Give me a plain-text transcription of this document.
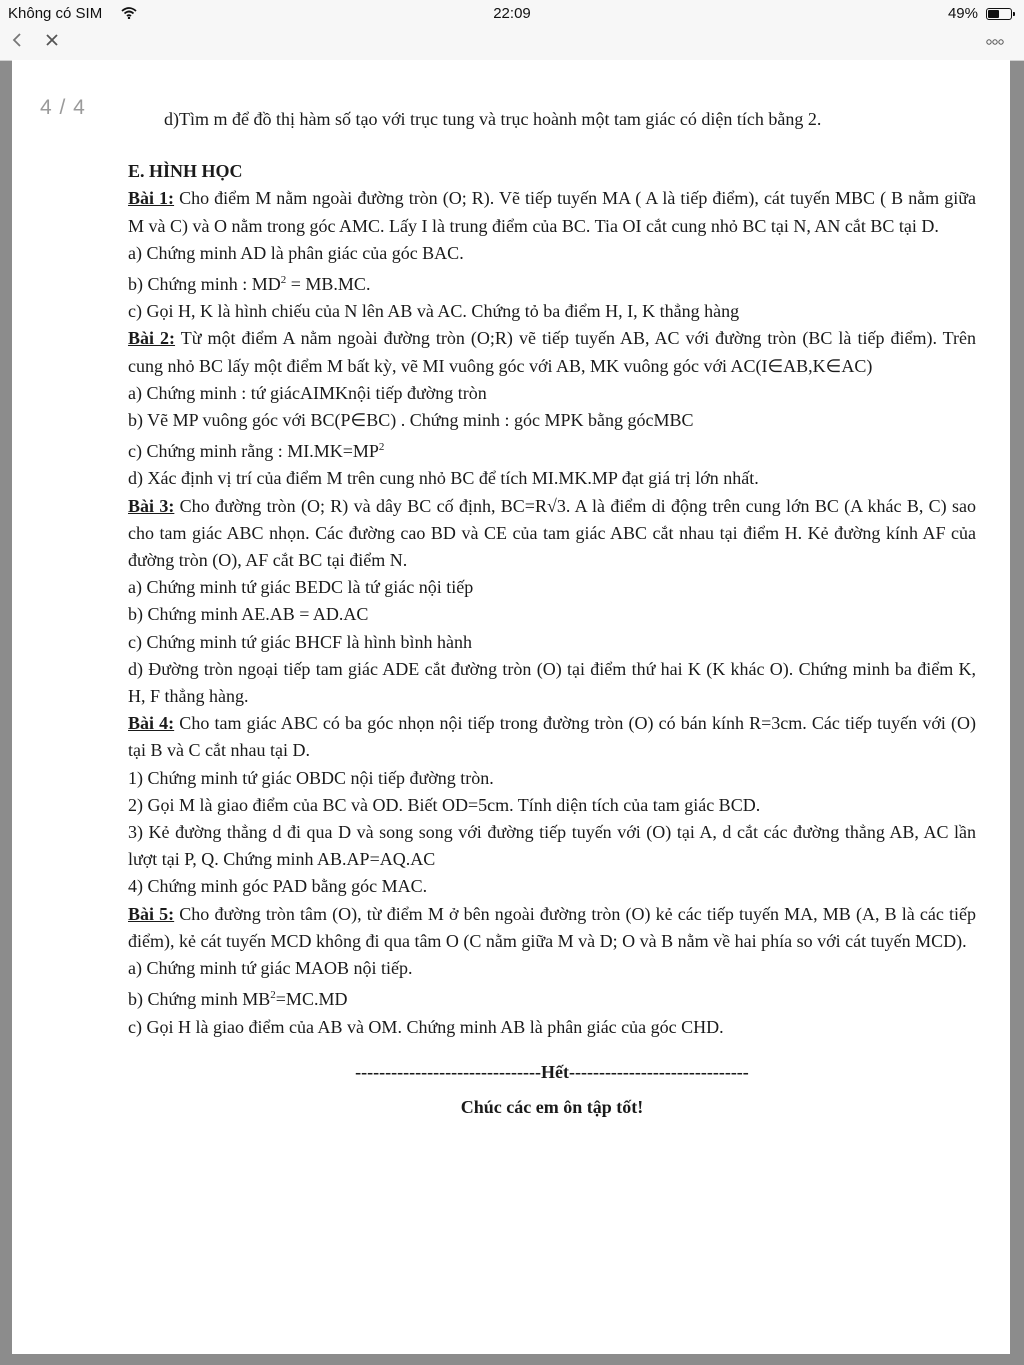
Không có SIM	22:09	49%
4 / 4	d)Tìm m để đồ thị hàm số tạo với trục tung và trục hoành một tam giác có diện tích bằng 2.

E. HÌNH HỌC

Bài 1: Cho điểm M nằm ngoài đường tròn (O; R). Vẽ tiếp tuyến MA ( A là tiếp điểm), cát tuyến MBC ( B nằm giữa M và C) và O nằm trong góc AMC. Lấy I là trung điểm của BC. Tia OI cắt cung nhỏ BC tại N, AN cắt BC tại D.

a) Chứng minh AD là phân giác của góc BAC.

b) Chứng minh : $MD^2 = MB.MC$.

c) Gọi H, K là hình chiếu của N lên AB và AC. Chứng tỏ ba điểm H, I, K thẳng hàng

Bài 2: Từ một điểm A nằm ngoài đường tròn (O;R) vẽ tiếp tuyến AB, AC với đường tròn (BC là tiếp điểm). Trên cung nhỏ BC lấy một điểm M bất kỳ, vẽ MI vuông góc với AB, MK vuông góc với AC(I∈AB,K∈AC)

a) Chứng minh : tứ giácAIMKnội tiếp đường tròn

b) Vẽ MP vuông góc với BC(P∈BC) . Chứng minh : góc MPK bằng gócMBC

c) Chứng minh rằng : $MI.MK=MP^2$

d) Xác định vị trí của điểm M trên cung nhỏ BC để tích MI.MK.MP đạt giá trị lớn nhất.

Bài 3: Cho đường tròn (O; R) và dây BC cố định, BC=R√3. A là điểm di động trên cung lớn BC (A khác B, C) sao cho tam giác ABC nhọn. Các đường cao BD và CE của tam giác ABC cắt nhau tại điểm H. Kẻ đường kính AF của đường tròn (O), AF cắt BC tại điểm N.

a) Chứng minh tứ giác BEDC là tứ giác nội tiếp

b) Chứng minh AE.AB = AD.AC

c) Chứng minh tứ giác BHCF là hình bình hành

d) Đường tròn ngoại tiếp tam giác ADE cắt đường tròn (O) tại điểm thứ hai K (K khác O). Chứng minh ba điểm K, H, F thẳng hàng.

Bài 4: Cho tam giác ABC có ba góc nhọn nội tiếp trong đường tròn (O) có bán kính R=3cm. Các tiếp tuyến với (O) tại B và C cắt nhau tại D.

1) Chứng minh tứ giác OBDC nội tiếp đường tròn.

2) Gọi M là giao điểm của BC và OD. Biết OD=5cm. Tính diện tích của tam giác BCD.

3) Kẻ đường thẳng d đi qua D và song song với đường tiếp tuyến với (O) tại A, d cắt các đường thẳng AB, AC lần lượt tại P, Q. Chứng minh AB.AP=AQ.AC

4) Chứng minh góc PAD bằng góc MAC.

Bài 5: Cho đường tròn tâm (O), từ điểm M ở bên ngoài đường tròn (O) kẻ các tiếp tuyến MA, MB (A, B là các tiếp điểm), kẻ cát tuyến MCD không đi qua tâm O (C nằm giữa M và D; O và B nằm về hai phía so với cát tuyến MCD).

a) Chứng minh tứ giác MAOB nội tiếp.

b) Chứng minh $MB^2=MC.MD$

c) Gọi H là giao điểm của AB và OM. Chứng minh AB là phân giác của góc CHD.

-------------------------------Hết------------------------------

Chúc các em ôn tập tốt!
